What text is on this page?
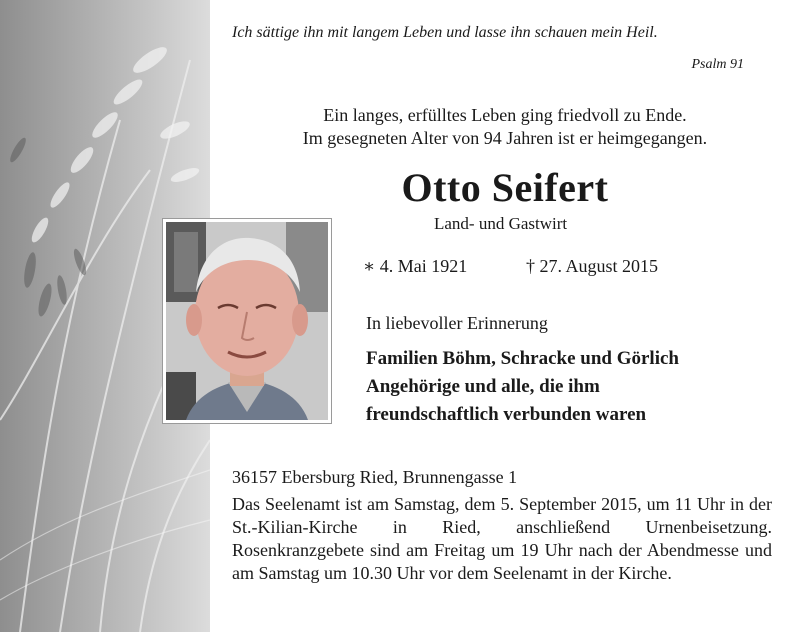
Ich sättige ihn mit langem Leben und lasse ihn schauen mein Heil.
Psalm 91
Ein langes, erfülltes Leben ging friedvoll zu Ende.
Im gesegneten Alter von 94 Jahren ist er heimgegangen.
Otto Seifert
Land- und Gastwirt
∗ 4. Mai 1921	† 27. August 2015
In liebevoller Erinnerung
Familien Böhm, Schracke und Görlich
Angehörige und alle, die ihm
freundschaftlich verbunden waren
36157 Ebersburg Ried, Brunnengasse 1
Das Seelenamt ist am Samstag, dem 5. September 2015, um 11 Uhr in der St.-Kilian-Kirche in Ried, anschließend Urnenbeisetzung. Rosenkranzgebete sind am Freitag um 19 Uhr nach der Abendmesse und am Samstag um 10.30 Uhr vor dem Seelenamt in der Kirche.
